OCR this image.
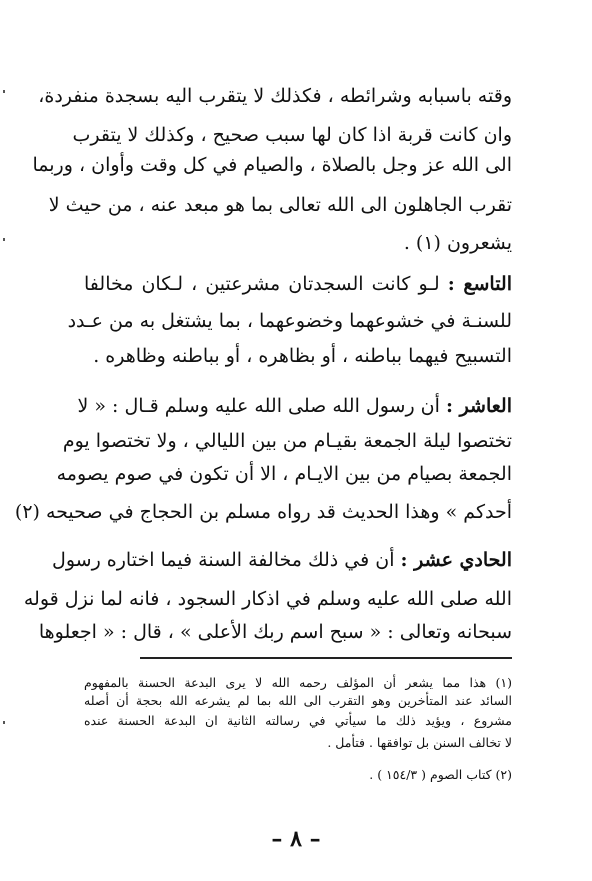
وقته باسبابه وشرائطه ، فكذلك لا يتقرب اليه بسجدة منفردة،
وان كانت قربة اذا كان لها سبب صحيح ، وكذلك لا يتقرب
الى الله عز وجل بالصلاة ، والصيام في كل وقت وأوان ، وربما
تقرب الجاهلون الى الله تعالى بما هو مبعد عنه ، من حيث لا
يشعرون (١) .
التاسع : لـو كانت السجدتان مشرعتين ، لـكان مخالفا
للسنـة في خشوعهما وخضوعهما ، بما يشتغل به من عـدد
التسبيح فيهما بباطنه ، أو بظاهره ، أو بباطنه وظاهره .
العاشر : أن رسول الله صلى الله عليه وسلم قـال : « لا
تختصوا ليلة الجمعة بقيـام من بين الليالي ، ولا تختصوا يوم
الجمعة بصيام من بين الايـام ، الا أن تكون في صوم يصومه
أحدكم » وهذا الحديث قد رواه مسلم بن الحجاج في صحيحه (٢)
الحادي عشر : أن في ذلك مخالفة السنة فيما اختاره رسول
الله صلى الله عليه وسلم في اذكار السجود ، فانه لما نزل قوله
سبحانه وتعالى : « سبح اسم ربك الأعلى » ، قال : « اجعلوها
(١) هذا مما يشعر أن المؤلف رحمه الله لا يرى البدعة الحسنة بالمفهوم
السائد عند المتأخرين وهو التقرب الى الله بما لم يشرعه الله بحجة أن أصله
مشروع ، ويؤيد ذلك ما سيأتي في رسالته الثانية ان البدعة الحسنة عنده
لا تخالف السنن بل توافقها . فتأمل .
(٢) كتاب الصوم ( ١٥٤/٣ ) .
– ٨ –
